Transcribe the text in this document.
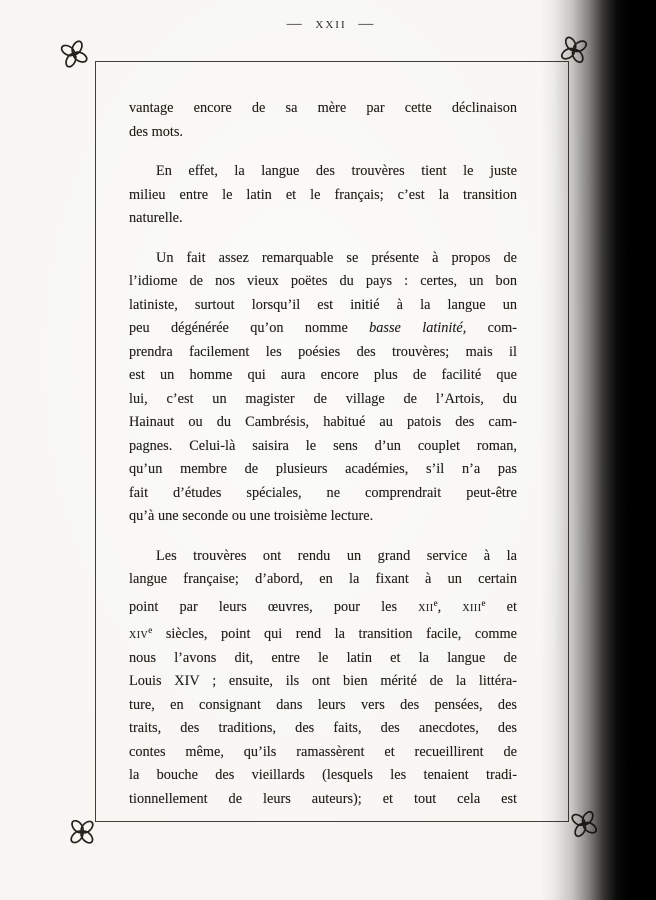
— xxii —
vantage encore de sa mère par cette déclinaison
des mots.
En effet, la langue des trouvères tient le juste
milieu entre le latin et le français; c’est la transition
naturelle.
Un fait assez remarquable se présente à propos de
l’idiome de nos vieux poëtes du pays : certes, un bon
latiniste, surtout lorsqu’il est initié à la langue un
peu dégénérée qu’on nomme basse latinité, com-
prendra facilement les poésies des trouvères; mais il
est un homme qui aura encore plus de facilité que
lui, c’est un magister de village de l’Artois, du
Hainaut ou du Cambrésis, habitué au patois des cam-
pagnes. Celui-là saisira le sens d’un couplet roman,
qu’un membre de plusieurs académies, s’il n’a pas
fait d’études spéciales, ne comprendrait peut-être
qu’à une seconde ou une troisième lecture.
Les trouvères ont rendu un grand service à la
langue française; d’abord, en la fixant à un certain
point par leurs œuvres, pour les xii$^e$, xiii$^e$ et
xiv$^e$ siècles, point qui rend la transition facile, comme
nous l’avons dit, entre le latin et la langue de
Louis XIV ; ensuite, ils ont bien mérité de la littéra-
ture, en consignant dans leurs vers des pensées, des
traits, des traditions, des faits, des anecdotes, des
contes même, qu’ils ramassèrent et recueillirent de
la bouche des vieillards (lesquels les tenaient tradi-
tionnellement de leurs auteurs); et tout cela est
